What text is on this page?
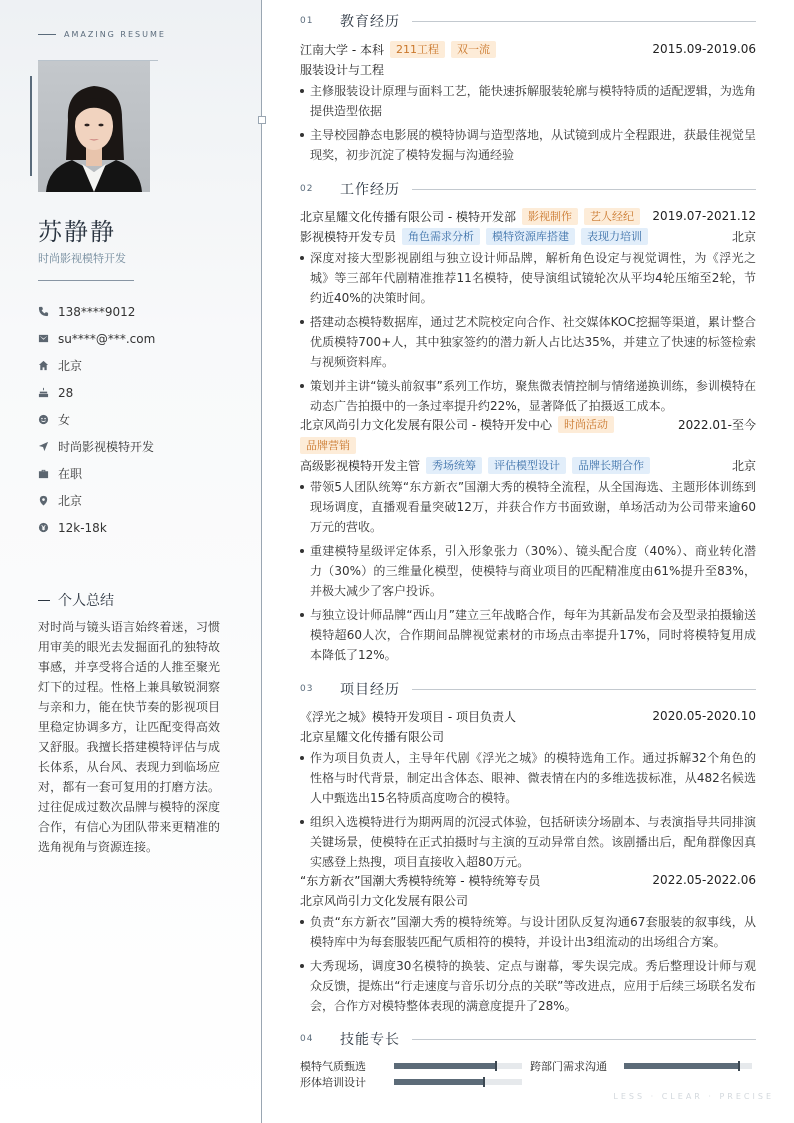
AMAZING RESUME
苏静静
时尚影视模特开发
138****9012
su****@***.com
北京
28
女
时尚影视模特开发
在职
北京
12k-18k
个人总结
对时尚与镜头语言始终着迷，习惯用审美的眼光去发掘面孔的独特故事感，并享受将合适的人推至聚光灯下的过程。性格上兼具敏锐洞察与亲和力，能在快节奏的影视项目里稳定协调多方，让匹配变得高效又舒服。我擅长搭建模特评估与成长体系，从台风、表现力到临场应对，都有一套可复用的打磨方法。过往促成过数次品牌与模特的深度合作，有信心为团队带来更精准的选角视角与资源连接。
01	教育经历
江南大学 - 本科	211工程	双一流	2015.09-2019.06
服装设计与工程
主修服装设计原理与面料工艺，能快速拆解服装轮廓与模特特质的适配逻辑，为选角提供造型依据
主导校园静态电影展的模特协调与造型落地，从试镜到成片全程跟进，获最佳视觉呈现奖，初步沉淀了模特发掘与沟通经验
02	工作经历
北京星耀文化传播有限公司 - 模特开发部	影视制作	艺人经纪	2019.07-2021.12
影视模特开发专员	角色需求分析	模特资源库搭建	表现力培训	北京
深度对接大型影视剧组与独立设计师品牌，解析角色设定与视觉调性，为《浮光之城》等三部年代剧精准推荐11名模特，使导演组试镜轮次从平均4轮压缩至2轮，节约近40%的决策时间。
搭建动态模特数据库，通过艺术院校定向合作、社交媒体KOC挖掘等渠道，累计整合优质模特700+人，其中独家签约的潜力新人占比达35%，并建立了快速的标签检索与视频资料库。
策划并主讲“镜头前叙事”系列工作坊，聚焦微表情控制与情绪递换训练，参训模特在动态广告拍摄中的一条过率提升约22%，显著降低了拍摄返工成本。
北京风尚引力文化发展有限公司 - 模特开发中心	时尚活动	2022.01-至今
品牌营销
高级影视模特开发主管	秀场统筹	评估模型设计	品牌长期合作	北京
带领5人团队统筹“东方新衣”国潮大秀的模特全流程，从全国海选、主题形体训练到现场调度，直播观看量突破12万，并获合作方书面致谢，单场活动为公司带来逾60万元的营收。
重建模特星级评定体系，引入形象张力（30%）、镜头配合度（40%）、商业转化潜力（30%）的三维量化模型，使模特与商业项目的匹配精准度由61%提升至83%，并极大减少了客户投诉。
与独立设计师品牌“西山月”建立三年战略合作，每年为其新品发布会及型录拍摄输送模特超60人次，合作期间品牌视觉素材的市场点击率提升17%，同时将模特复用成本降低了12%。
03	项目经历
《浮光之城》模特开发项目 - 项目负责人	2020.05-2020.10
北京星耀文化传播有限公司
作为项目负责人，主导年代剧《浮光之城》的模特选角工作。通过拆解32个角色的性格与时代背景，制定出含体态、眼神、微表情在内的多维选拔标准，从482名候选人中甄选出15名特质高度吻合的模特。
组织入选模特进行为期两周的沉浸式体验，包括研读分场剧本、与表演指导共同排演关键场景，使模特在正式拍摄时与主演的互动异常自然。该剧播出后，配角群像因真实感登上热搜，项目直接收入超80万元。
“东方新衣”国潮大秀模特统筹 - 模特统筹专员	2022.05-2022.06
北京风尚引力文化发展有限公司
负责“东方新衣”国潮大秀的模特统筹。与设计团队反复沟通67套服装的叙事线，从模特库中为每套服装匹配气质相符的模特，并设计出3组流动的出场组合方案。
大秀现场，调度30名模特的换装、定点与谢幕，零失误完成。秀后整理设计师与观众反馈，提炼出“行走速度与音乐切分点的关联”等改进点，应用于后续三场联名发布会，合作方对模特整体表现的满意度提升了28%。
04	技能专长
模特气质甄选	跨部门需求沟通
形体培训设计
LESS · CLEAR · PRECISE
